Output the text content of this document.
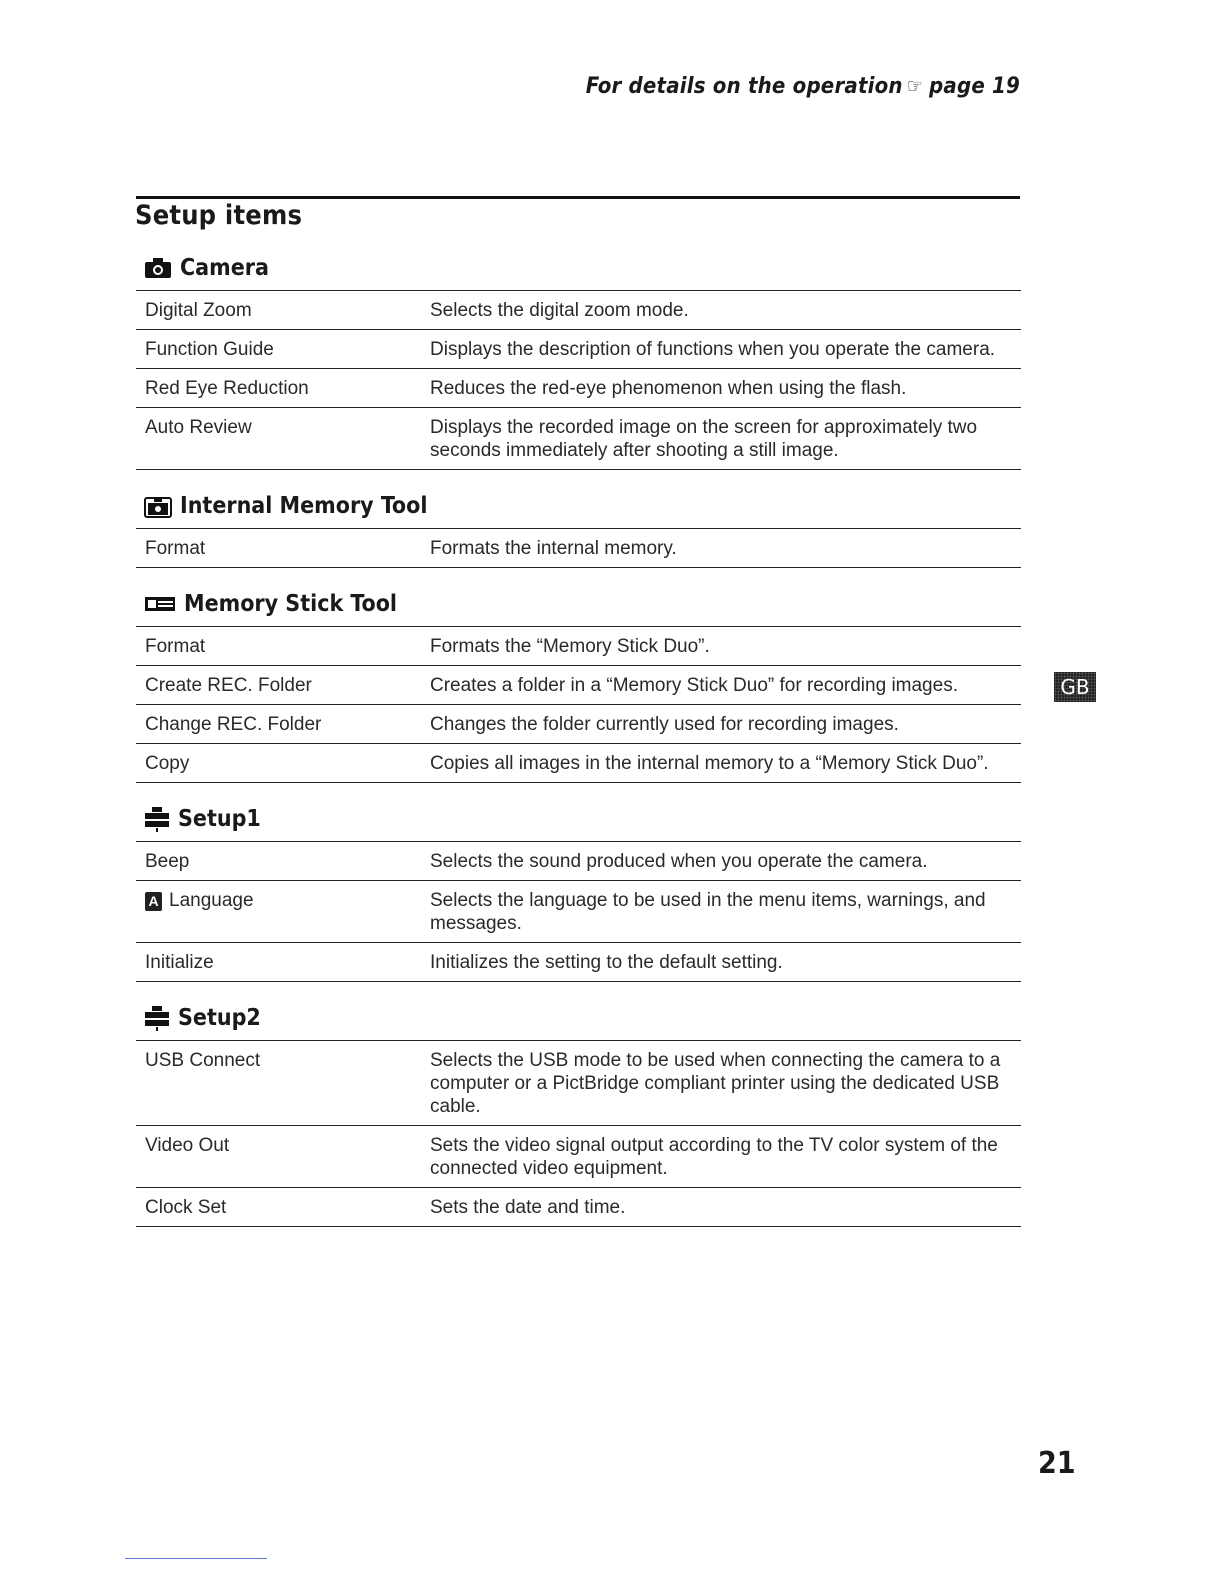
For details on the operation ☞ page 19
Setup items
Camera
Digital Zoom	Selects the digital zoom mode.
Function Guide	Displays the description of functions when you operate the camera.
Red Eye Reduction	Reduces the red-eye phenomenon when using the flash.
Auto Review	Displays the recorded image on the screen for approximately two seconds immediately after shooting a still image.
Internal Memory Tool
Format	Formats the internal memory.
Memory Stick Tool
Format	Formats the “Memory Stick Duo”.
Create REC. Folder	Creates a folder in a “Memory Stick Duo” for recording images.
Change REC. Folder	Changes the folder currently used for recording images.
Copy	Copies all images in the internal memory to a “Memory Stick Duo”.
Setup1
Beep	Selects the sound produced when you operate the camera.
A Language	Selects the language to be used in the menu items, warnings, and messages.
Initialize	Initializes the setting to the default setting.
Setup2
USB Connect	Selects the USB mode to be used when connecting the camera to a computer or a PictBridge compliant printer using the dedicated USB cable.
Video Out	Sets the video signal output according to the TV color system of the connected video equipment.
Clock Set	Sets the date and time.
GB
21
